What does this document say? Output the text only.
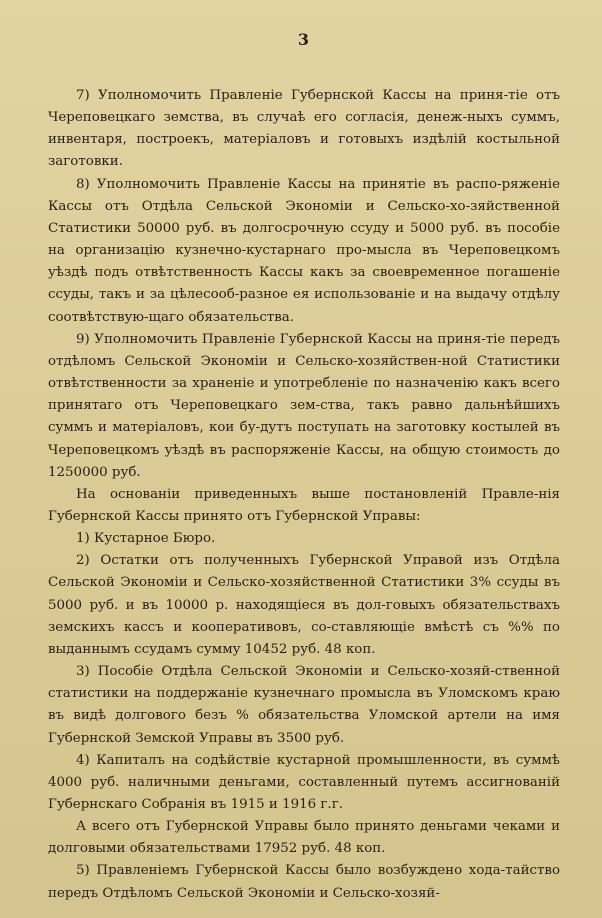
3

7) Уполномочить Правленіе Губернской Кассы на приня-тіе отъ Череповецкаго земства, въ случаѣ его согласія, денеж-ныхъ суммъ, инвентаря, построекъ, матеріаловъ и готовыхъ издѣлій костыльной заготовки.

8) Уполномочить Правленіе Кассы на принятіе въ распо-ряженіе Кассы отъ Отдѣла Сельской Экономіи и Сельско-хо-зяйственной Статистики 50000 руб. въ долгосрочную ссуду и 5000 руб. въ пособіе на организацію кузнечно-кустарнаго про-мысла въ Череповецкомъ уѣздѣ подъ отвѣтственность Кассы какъ за своевременное погашеніе ссуды, такъ и за цѣлесооб-разное ея использованіе и на выдачу отдѣлу соотвѣтствую-щаго обязательства.

9) Уполномочить Правленіе Губернской Кассы на приня-тіе передъ отдѣломъ Сельской Экономіи и Сельско-хозяйствен-ной Статистики отвѣтственности за храненіе и употребленіе по назначенію какъ всего принятаго отъ Череповецкаго зем-ства, такъ равно дальнѣйшихъ суммъ и матеріаловъ, кои бу-дутъ поступать на заготовку костылей въ Череповецкомъ уѣздѣ въ распоряженіе Кассы, на общую стоимость до 1250000 руб.

На основаніи приведенныхъ выше постановленій Правле-нія Губернской Кассы принято отъ Губернской Управы:

1) Кустарное Бюро.

2) Остатки отъ полученныхъ Губернской Управой изъ Отдѣла Сельской Экономіи и Сельско-хозяйственной Статистики 3% ссуды въ 5000 руб. и въ 10000 р. находящіеся въ дол-говыхъ обязательствахъ земскихъ кассъ и кооперативовъ, со-ставляющіе вмѣстѣ съ %% по выданнымъ ссудамъ сумму 10452 руб. 48 коп.

3) Пособіе Отдѣла Сельской Экономіи и Сельско-хозяй-ственной статистики на поддержаніе кузнечнаго промысла въ Уломскомъ краю въ видѣ долгового безъ % обязательства Уломской артели на имя Губернской Земской Управы въ 3500 руб.

4) Капиталъ на содѣйствіе кустарной промышленности, въ суммѣ 4000 руб. наличными деньгами, составленный путемъ ассигнованій Губернскаго Собранія въ 1915 и 1916 г.г.

А всего отъ Губернской Управы было принято деньгами чеками и долговыми обязательствами 17952 руб. 48 коп.

5) Правленіемъ Губернской Кассы было возбуждено хода-тайство передъ Отдѣломъ Сельской Экономіи и Сельско-хозяй-
